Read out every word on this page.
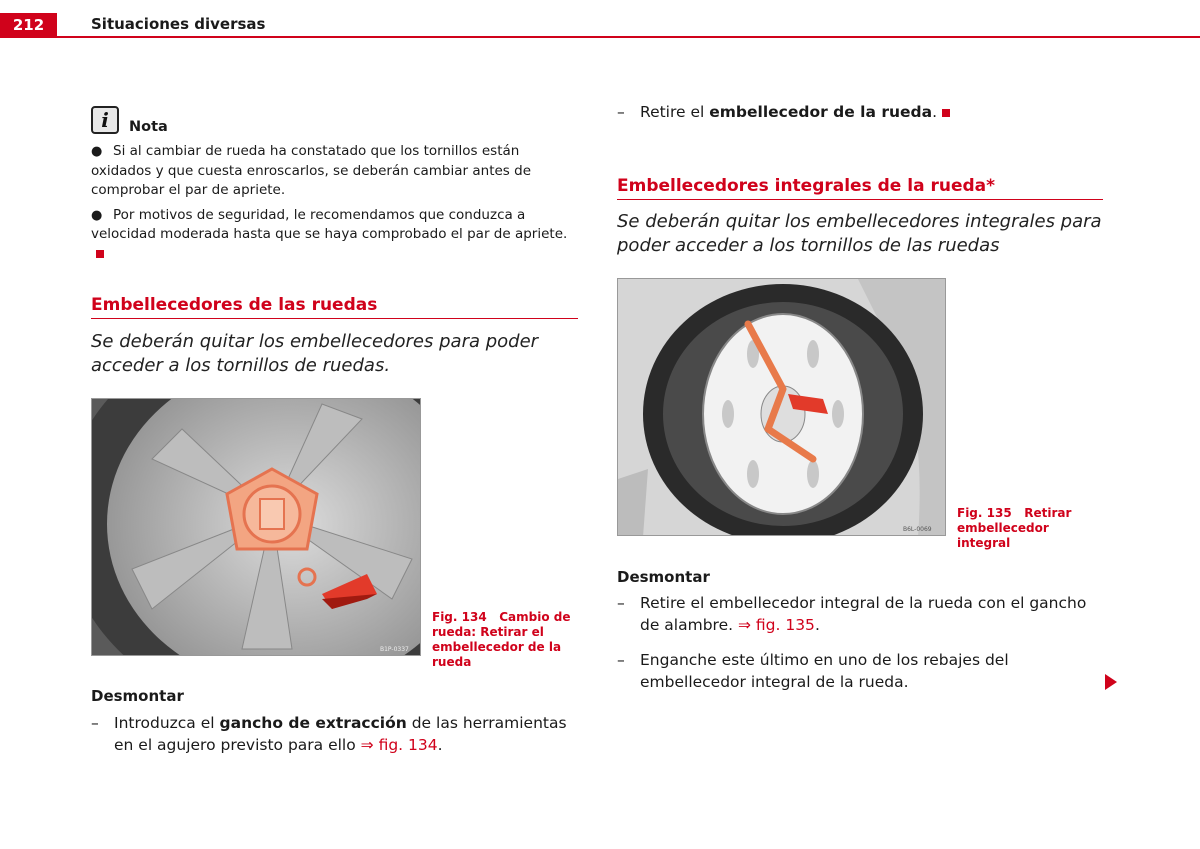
212	Situaciones diversas
i	Nota
● Si al cambiar de rueda ha constatado que los tornillos están oxidados y que cuesta enroscarlos, se deberán cambiar antes de comprobar el par de apriete.
● Por motivos de seguridad, le recomendamos que conduzca a velocidad moderada hasta que se haya comprobado el par de apriete.
Embellecedores de las ruedas

Se deberán quitar los embellecedores para poder acceder a los tornillos de ruedas.

B1P-0337
Fig. 134 Cambio de rueda: Retirar el embellecedor de la rueda
Desmontar
– Introduzca el gancho de extracción de las herramientas en el agujero previsto para ello ⇒ fig. 134.
– Retire el embellecedor de la rueda.
Embellecedores integrales de la rueda*

Se deberán quitar los embellecedores integrales para poder acceder a los tornillos de las ruedas

B6L-0069
Fig. 135 Retirar embellecedor integral
Desmontar
– Retire el embellecedor integral de la rueda con el gancho de alambre. ⇒ fig. 135.
– Enganche este último en uno de los rebajes del embellecedor integral de la rueda.
